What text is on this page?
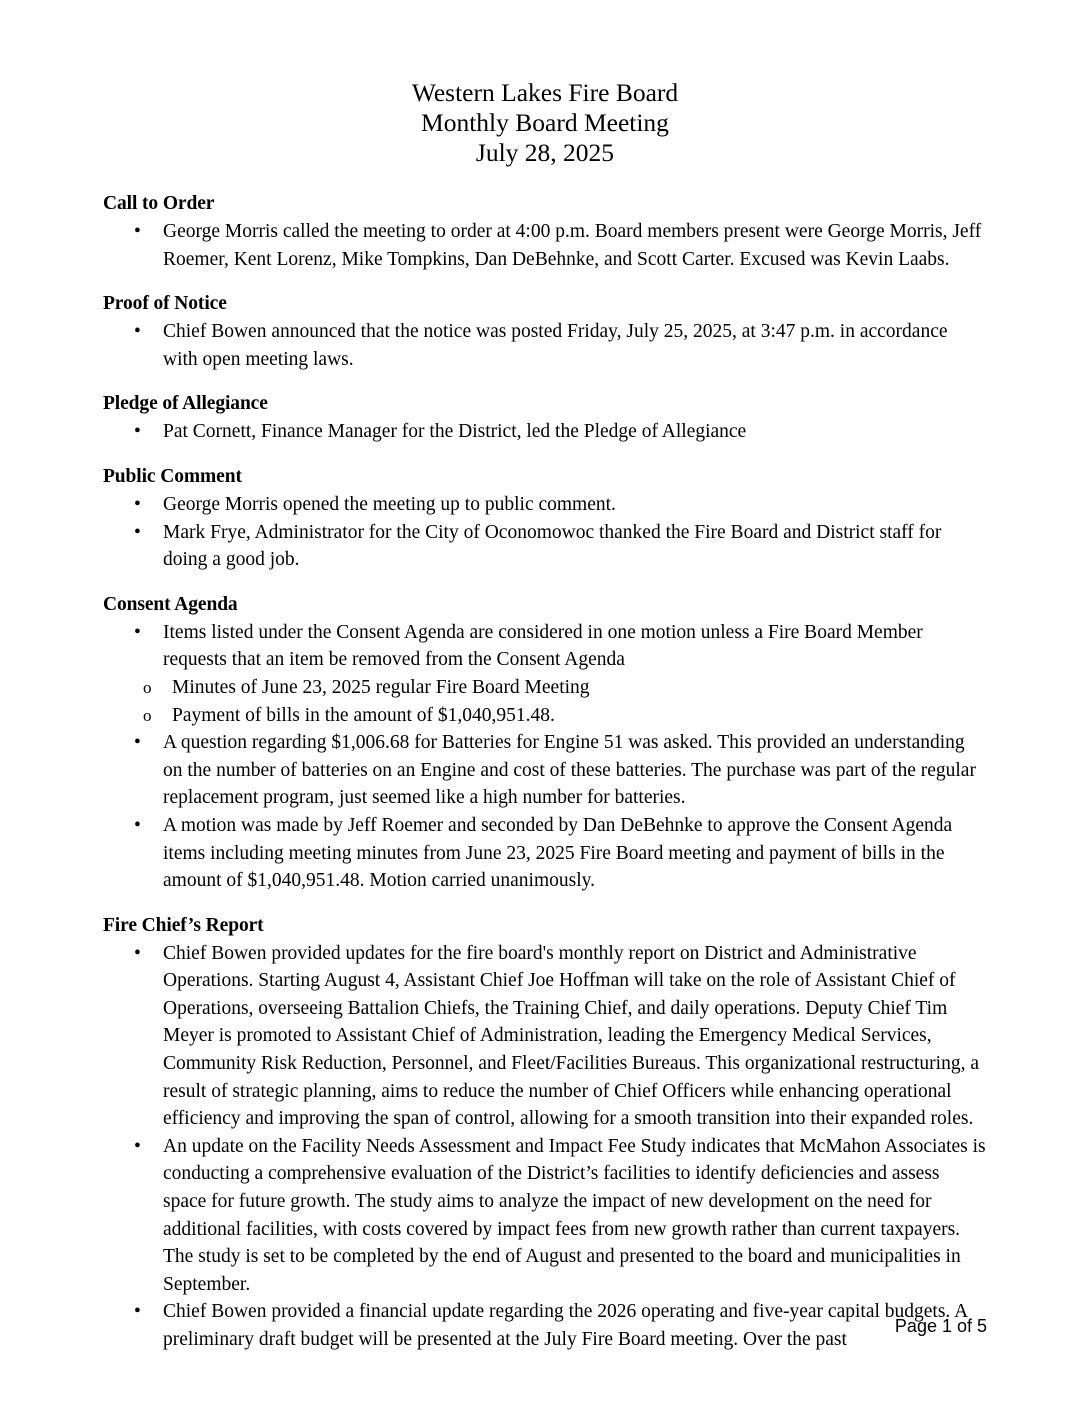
Western Lakes Fire Board
Monthly Board Meeting
July 28, 2025
Call to Order
•	George Morris called the meeting to order at 4:00 p.m. Board members present were George Morris, Jeff Roemer, Kent Lorenz, Mike Tompkins, Dan DeBehnke, and Scott Carter. Excused was Kevin Laabs.
Proof of Notice
•	Chief Bowen announced that the notice was posted Friday, July 25, 2025, at 3:47 p.m. in accordance with open meeting laws.
Pledge of Allegiance
•	Pat Cornett, Finance Manager for the District, led the Pledge of Allegiance
Public Comment
•	George Morris opened the meeting up to public comment.
•	Mark Frye, Administrator for the City of Oconomowoc thanked the Fire Board and District staff for doing a good job.
Consent Agenda
•	Items listed under the Consent Agenda are considered in one motion unless a Fire Board Member requests that an item be removed from the Consent Agenda
o Minutes of June 23, 2025 regular Fire Board Meeting
o Payment of bills in the amount of $1,040,951.48.
•	A question regarding $1,006.68 for Batteries for Engine 51 was asked. This provided an understanding on the number of batteries on an Engine and cost of these batteries. The purchase was part of the regular replacement program, just seemed like a high number for batteries.
•	A motion was made by Jeff Roemer and seconded by Dan DeBehnke to approve the Consent Agenda items including meeting minutes from June 23, 2025 Fire Board meeting and payment of bills in the amount of $1,040,951.48. Motion carried unanimously.
Fire Chief’s Report
•	Chief Bowen provided updates for the fire board's monthly report on District and Administrative Operations. Starting August 4, Assistant Chief Joe Hoffman will take on the role of Assistant Chief of Operations, overseeing Battalion Chiefs, the Training Chief, and daily operations. Deputy Chief Tim Meyer is promoted to Assistant Chief of Administration, leading the Emergency Medical Services, Community Risk Reduction, Personnel, and Fleet/Facilities Bureaus. This organizational restructuring, a result of strategic planning, aims to reduce the number of Chief Officers while enhancing operational efficiency and improving the span of control, allowing for a smooth transition into their expanded roles.
•	An update on the Facility Needs Assessment and Impact Fee Study indicates that McMahon Associates is conducting a comprehensive evaluation of the District’s facilities to identify deficiencies and assess space for future growth. The study aims to analyze the impact of new development on the need for additional facilities, with costs covered by impact fees from new growth rather than current taxpayers. The study is set to be completed by the end of August and presented to the board and municipalities in September.
•	Chief Bowen provided a financial update regarding the 2026 operating and five-year capital budgets. A preliminary draft budget will be presented at the July Fire Board meeting. Over the past
Page 1 of 5
